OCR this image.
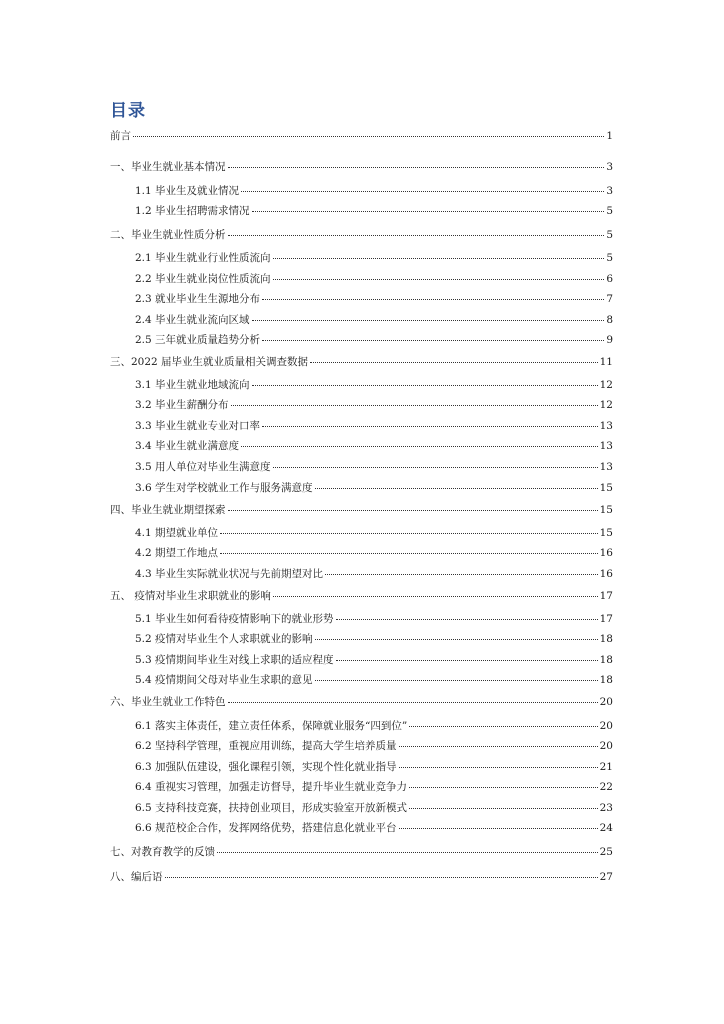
目录
前言	1
一、毕业生就业基本情况	3
1.1 毕业生及就业情况	3
1.2 毕业生招聘需求情况	5
二、毕业生就业性质分析	5
2.1 毕业生就业行业性质流向	5
2.2 毕业生就业岗位性质流向	6
2.3 就业毕业生生源地分布	7
2.4 毕业生就业流向区域	8
2.5 三年就业质量趋势分析	9
三、2022 届毕业生就业质量相关调查数据	11
3.1 毕业生就业地域流向	12
3.2 毕业生薪酬分布	12
3.3 毕业生就业专业对口率	13
3.4 毕业生就业满意度	13
3.5 用人单位对毕业生满意度	13
3.6 学生对学校就业工作与服务满意度	15
四、毕业生就业期望探索	15
4.1 期望就业单位	15
4.2 期望工作地点	16
4.3 毕业生实际就业状况与先前期望对比	16
五、 疫情对毕业生求职就业的影响	17
5.1 毕业生如何看待疫情影响下的就业形势	17
5.2 疫情对毕业生个人求职就业的影响	18
5.3 疫情期间毕业生对线上求职的适应程度	18
5.4 疫情期间父母对毕业生求职的意见	18
六、毕业生就业工作特色	20
6.1 落实主体责任，建立责任体系，保障就业服务“四到位”	20
6.2 坚持科学管理，重视应用训练，提高大学生培养质量	20
6.3 加强队伍建设，强化课程引领，实现个性化就业指导	21
6.4 重视实习管理，加强走访督导，提升毕业生就业竞争力	22
6.5 支持科技竞赛，扶持创业项目，形成实验室开放新模式	23
6.6 规范校企合作，发挥网络优势，搭建信息化就业平台	24
七、对教育教学的反馈	25
八、编后语	27
